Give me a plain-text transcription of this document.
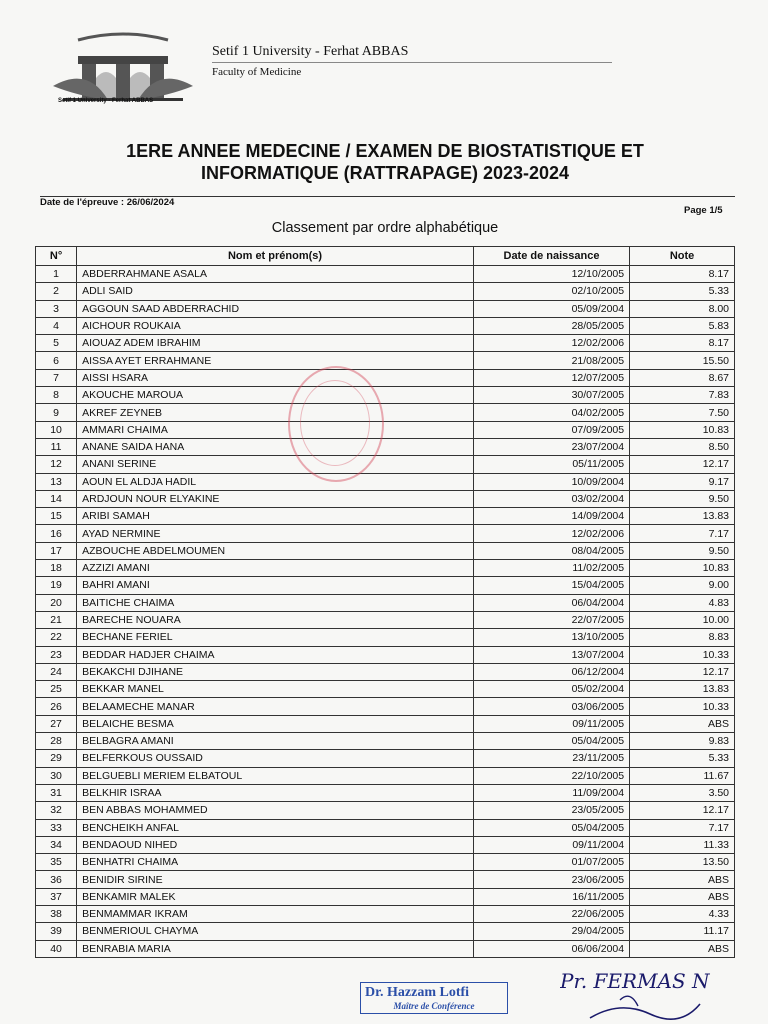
Setif 1 University - Ferhat ABBAS
Setif 1 University - Ferhat ABBAS
Faculty of Medicine
1ERE ANNEE MEDECINE / EXAMEN DE BIOSTATISTIQUE ET
INFORMATIQUE (RATTRAPAGE) 2023-2024
Date de l'épreuve : 26/06/2024
Page 1/5
Classement par ordre alphabétique
N°	Nom et prénom(s)	Date de naissance	Note
1	ABDERRAHMANE ASALA	12/10/2005	8.17
2	ADLI SAID	02/10/2005	5.33
3	AGGOUN SAAD ABDERRACHID	05/09/2004	8.00
4	AICHOUR ROUKAIA	28/05/2005	5.83
5	AIOUAZ ADEM IBRAHIM	12/02/2006	8.17
6	AISSA AYET ERRAHMANE	21/08/2005	15.50
7	AISSI HSARA	12/07/2005	8.67
8	AKOUCHE MAROUA	30/07/2005	7.83
9	AKREF ZEYNEB	04/02/2005	7.50
10	AMMARI CHAIMA	07/09/2005	10.83
11	ANANE SAIDA HANA	23/07/2004	8.50
12	ANANI SERINE	05/11/2005	12.17
13	AOUN EL ALDJA HADIL	10/09/2004	9.17
14	ARDJOUN NOUR ELYAKINE	03/02/2004	9.50
15	ARIBI SAMAH	14/09/2004	13.83
16	AYAD NERMINE	12/02/2006	7.17
17	AZBOUCHE ABDELMOUMEN	08/04/2005	9.50
18	AZZIZI AMANI	11/02/2005	10.83
19	BAHRI AMANI	15/04/2005	9.00
20	BAITICHE CHAIMA	06/04/2004	4.83
21	BARECHE NOUARA	22/07/2005	10.00
22	BECHANE FERIEL	13/10/2005	8.83
23	BEDDAR HADJER CHAIMA	13/07/2004	10.33
24	BEKAKCHI DJIHANE	06/12/2004	12.17
25	BEKKAR MANEL	05/02/2004	13.83
26	BELAAMECHE MANAR	03/06/2005	10.33
27	BELAICHE BESMA	09/11/2005	ABS
28	BELBAGRA AMANI	05/04/2005	9.83
29	BELFERKOUS OUSSAID	23/11/2005	5.33
30	BELGUEBLI MERIEM ELBATOUL	22/10/2005	11.67
31	BELKHIR ISRAA	11/09/2004	3.50
32	BEN ABBAS MOHAMMED	23/05/2005	12.17
33	BENCHEIKH ANFAL	05/04/2005	7.17
34	BENDAOUD NIHED	09/11/2004	11.33
35	BENHATRI CHAIMA	01/07/2005	13.50
36	BENIDIR SIRINE	23/06/2005	ABS
37	BENKAMIR MALEK	16/11/2005	ABS
38	BENMAMMAR IKRAM	22/06/2005	4.33
39	BENMERIOUL CHAYMA	29/04/2005	11.17
40	BENRABIA MARIA	06/06/2004	ABS
Dr. Hazzam Lotfi
Maître de Conférence
Pr. FERMAS N
